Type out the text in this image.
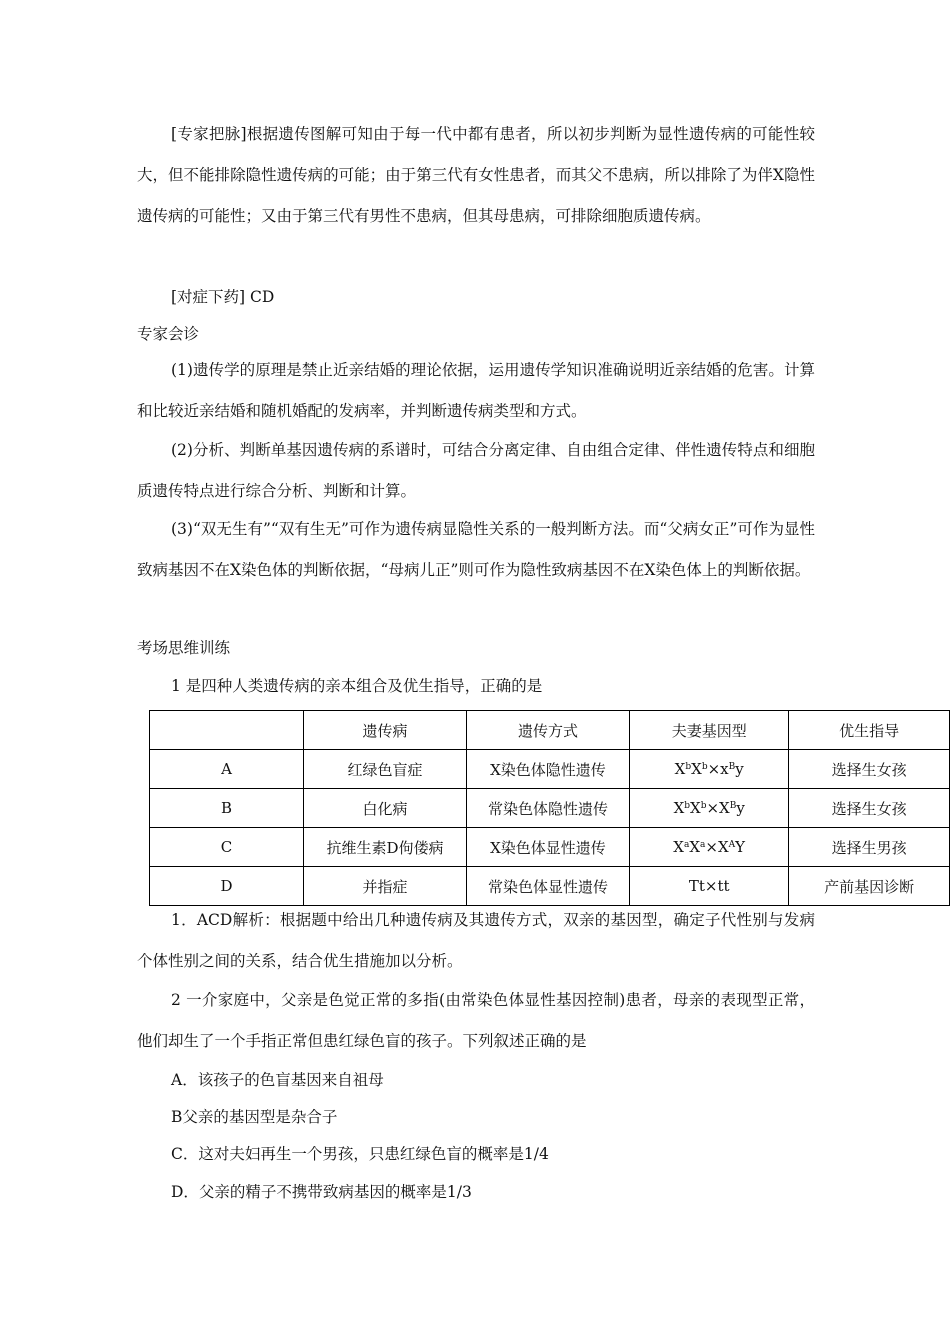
[专家把脉]根据遗传图解可知由于每一代中都有患者，所以初步判断为显性遗传病的可能性较大，但不能排除隐性遗传病的可能；由于第三代有女性患者，而其父不患病，所以排除了为伴X隐性遗传病的可能性；又由于第三代有男性不患病，但其母患病，可排除细胞质遗传病。

[对症下药] CD

专家会诊

(1)遗传学的原理是禁止近亲结婚的理论依据，运用遗传学知识准确说明近亲结婚的危害。计算和比较近亲结婚和随机婚配的发病率，并判断遗传病类型和方式。

(2)分析、判断单基因遗传病的系谱时，可结合分离定律、自由组合定律、伴性遗传特点和细胞质遗传特点进行综合分析、判断和计算。

(3)“双无生有”“双有生无”可作为遗传病显隐性关系的一般判断方法。而“父病女正”可作为显性致病基因不在X染色体的判断依据，“母病儿正”则可作为隐性致病基因不在X染色体上的判断依据。

考场思维训练

1 是四种人类遗传病的亲本组合及优生指导，正确的是

	遗传病	遗传方式	夫妻基因型	优生指导
A	红绿色盲症	X染色体隐性遗传	$X^bX^b\times x^By$	选择生女孩
B	白化病	常染色体隐性遗传	$X^bX^b\times X^By$	选择生女孩
C	抗维生素D佝偻病	X染色体显性遗传	$X^aX^a\times X^AY$	选择生男孩
D	并指症	常染色体显性遗传	Tt×tt	产前基因诊断

1．ACD解析：根据题中给出几种遗传病及其遗传方式，双亲的基因型，确定子代性别与发病个体性别之间的关系，结合优生措施加以分析。

2 一介家庭中，父亲是色觉正常的多指(由常染色体显性基因控制)患者，母亲的表现型正常，他们却生了一个手指正常但患红绿色盲的孩子。下列叙述正确的是

A．该孩子的色盲基因来自祖母

B父亲的基因型是杂合子

C．这对夫妇再生一个男孩，只患红绿色盲的概率是1/4

D．父亲的精子不携带致病基因的概率是1/3
